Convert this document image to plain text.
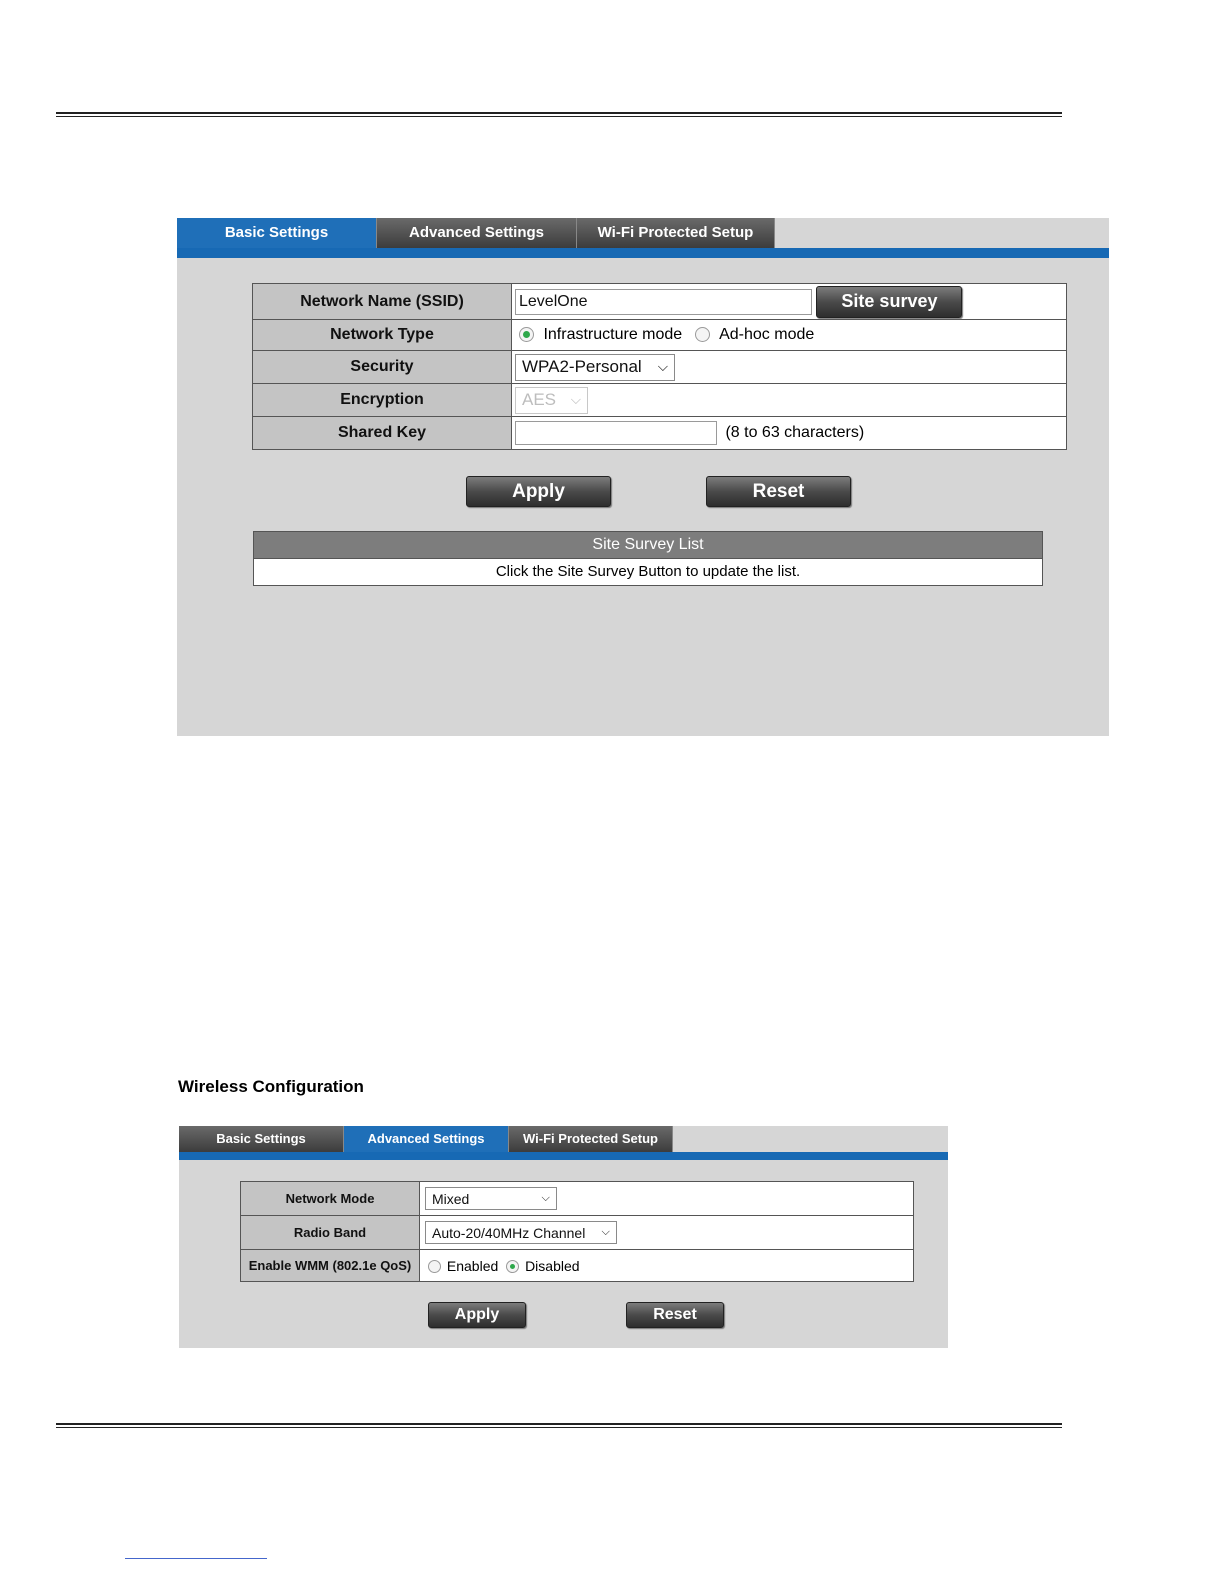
Basic Settings	Advanced Settings	Wi-Fi Protected Setup
Network Name (SSID)	LevelOne Site survey

Network Type	Infrastructure mode Ad-hoc mode
Security	WPA2-Personal ⌵

Encryption	AES ⌵

Shared Key	(8 to 63 characters)
Apply	Reset
Site Survey List
Click the Site Survey Button to update the list.
Wireless Configuration
Basic Settings	Advanced Settings	Wi-Fi Protected Setup
Network Mode	Mixed ⌵

Radio Band	Auto-20/40MHz Channel ⌵

Enable WMM (802.1e QoS)	Enabled Disabled
Apply	Reset
